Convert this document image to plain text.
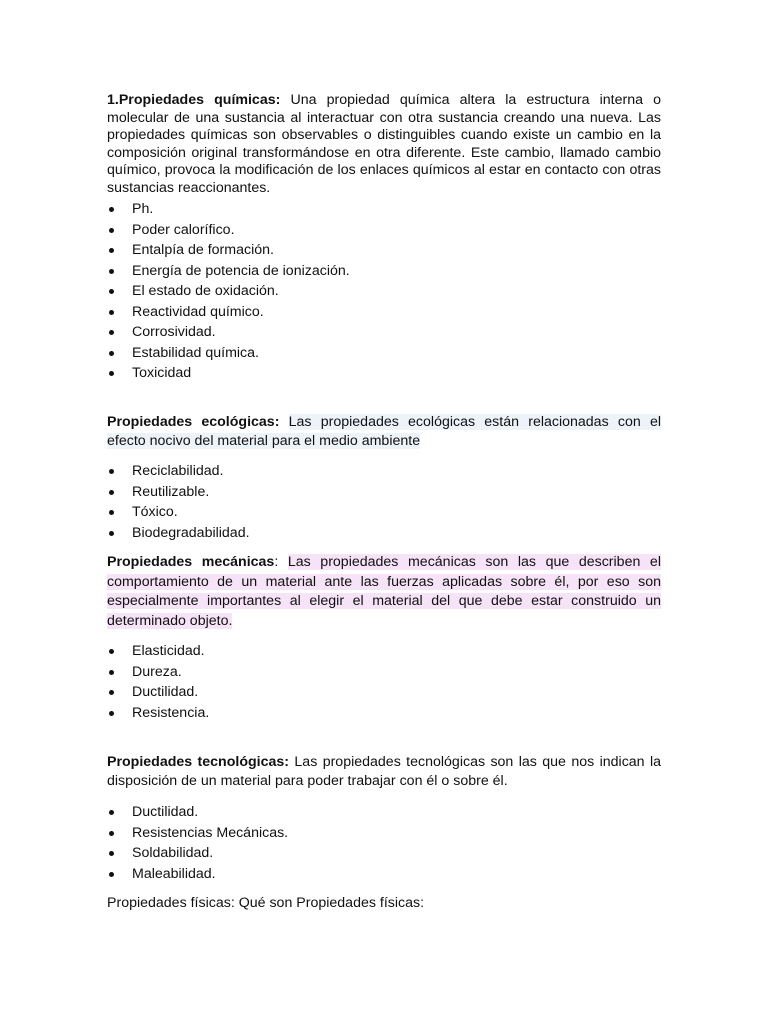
1.Propiedades químicas: Una propiedad química altera la estructura interna o molecular de una sustancia al interactuar con otra sustancia creando una nueva. Las propiedades químicas son observables o distinguibles cuando existe un cambio en la composición original transformándose en otra diferente. Este cambio, llamado cambio químico, provoca la modificación de los enlaces químicos al estar en contacto con otras sustancias reaccionantes.

Ph.
Poder calorífico.
Entalpía de formación.
Energía de potencia de ionización.
El estado de oxidación.
Reactividad químico.
Corrosividad.
Estabilidad química.
Toxicidad

Propiedades ecológicas: Las propiedades ecológicas están relacionadas con el efecto nocivo del material para el medio ambiente

Reciclabilidad.
Reutilizable.
Tóxico.
Biodegradabilidad.

Propiedades mecánicas: Las propiedades mecánicas son las que describen el comportamiento de un material ante las fuerzas aplicadas sobre él, por eso son especialmente importantes al elegir el material del que debe estar construido un determinado objeto.

Elasticidad.
Dureza.
Ductilidad.
Resistencia.

Propiedades tecnológicas: Las propiedades tecnológicas son las que nos indican la disposición de un material para poder trabajar con él o sobre él.

Ductilidad.
Resistencias Mecánicas.
Soldabilidad.
Maleabilidad.
Propiedades físicas: Qué son Propiedades físicas:
